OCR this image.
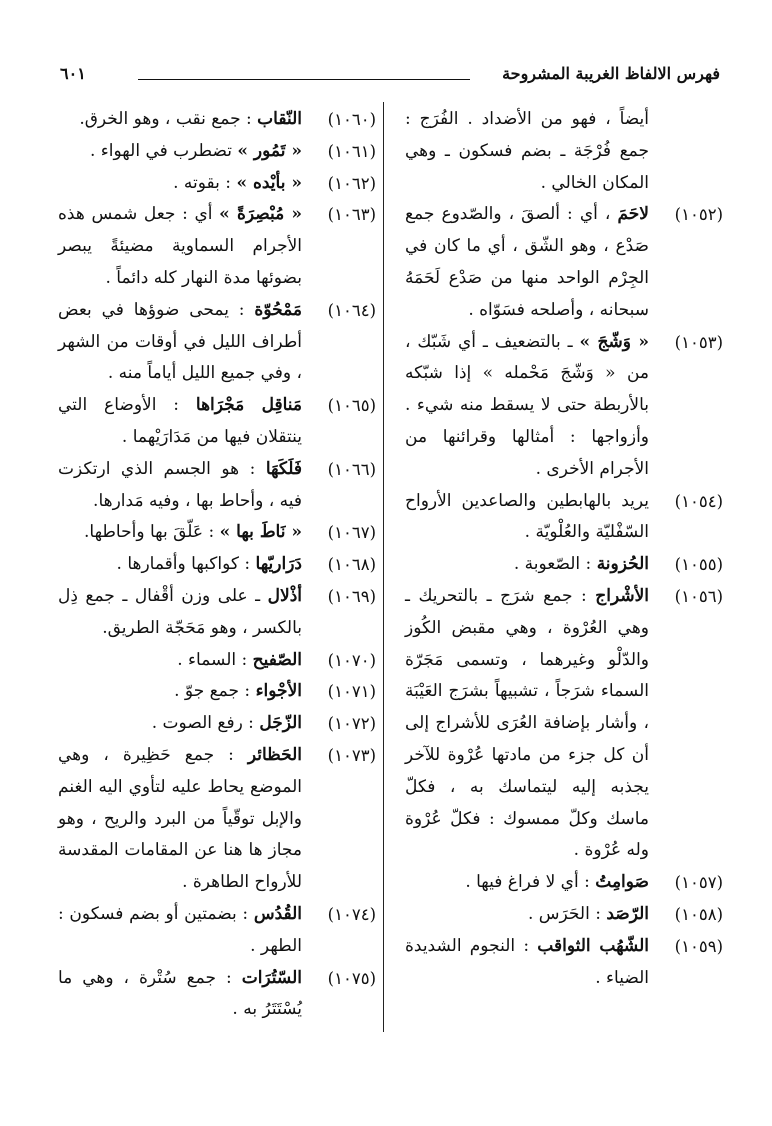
فهرس الالفاظ الغريبة المشروحة
٦٠١
أيضاً ، فهو من الأضداد . الفُرَج : جمع فُرْجَة ـ بضم فسكون ـ وهي المكان الخالي .
(١٠٥٢)
لاحَمَ ، أي : ألصقَ ، والصّدوع جمع صَدْع ، وهو الشّق ، أي ما كان في الجِرْم الواحد منها من صَدْع لَحَمَهُ سبحانه ، وأصلحه فسَوّاه .
(١٠٥٣)
« وَشّجَ » ـ بالتضعيف ـ أي شَبّك ، من « وَشّجَ مَحْمله » إذا شبّكه بالأربطة حتى لا يسقط منه شيء . وأزواجها : أمثالها وقرائنها من الأجرام الأخرى .
(١٠٥٤)
يريد بالهابطين والصاعدين الأرواح السّفْليّة والعُلْويّة .
(١٠٥٥)
الحُزونة : الصّعوبة .
(١٠٥٦)
الأشْراج : جمع شرَج ـ بالتحريك ـ وهي العُرْوة ، وهي مقبض الكُوز والدّلْو وغيرهما ، وتسمى مَجَرّة السماء شرَجاً ، تشبيهاً بشرَج العَيْبَة ، وأشار بإضافة العُرَى للأشراج إلى أن كل جزء من مادتها عُرْوة للآخر يجذبه إليه ليتماسك به ، فكلّ ماسك وكلّ ممسوك : فكلّ عُرْوة وله عُرْوة .
(١٠٥٧)
صَوامِتُ : أي لا فراغ فيها .
(١٠٥٨)
الرّصَد : الحَرَس .
(١٠٥٩)
الشّهُب الثواقب : النجوم الشديدة الضياء .
(١٠٦٠)
النّقاب : جمع نقب ، وهو الخرق.
(١٠٦١)
« تَمُور » تضطرب في الهواء .
(١٠٦٢)
« بأيْده » : بقوته .
(١٠٦٣)
« مُبْصِرَةً » أي : جعل شمس هذه الأجرام السماوية مضيئةً يبصر بضوئها مدة النهار كله دائماً .
(١٠٦٤)
مَمْحُوّة : يمحى ضوؤها في بعض أطراف الليل في أوقات من الشهر ، وفي جميع الليل أياماً منه .
(١٠٦٥)
مَناقِل مَجْرَاها : الأوضاع التي ينتقلان فيها من مَدَارَيْهما .
(١٠٦٦)
فَلَكَهَا : هو الجسم الذي ارتكزت فيه ، وأحاط بها ، وفيه مَدارها.
(١٠٦٧)
« نَاطَ بها » : عَلّقَ بها وأحاطها.
(١٠٦٨)
دَرَاريّها : كواكبها وأقمارها .
(١٠٦٩)
أذْلال ـ على وزن أقْفال ـ جمع ذِل بالكسر ، وهو مَحَجّة الطريق.
(١٠٧٠)
الصّفيح : السماء .
(١٠٧١)
الأجْواء : جمع جوّ .
(١٠٧٢)
الزّجَل : رفع الصوت .
(١٠٧٣)
الحَظائر : جمع حَظِيرة ، وهي الموضع يحاط عليه لتأوي اليه الغنم والإبل توقّياً من البرد والريح ، وهو مجاز ها هنا عن المقامات المقدسة للأرواح الطاهرة .
(١٠٧٤)
القُدُس : بضمتين أو بضم فسكون : الطهر .
(١٠٧٥)
السّتُرَات : جمع سُتْرة ، وهي ما يُسْتَتَرُ به .
